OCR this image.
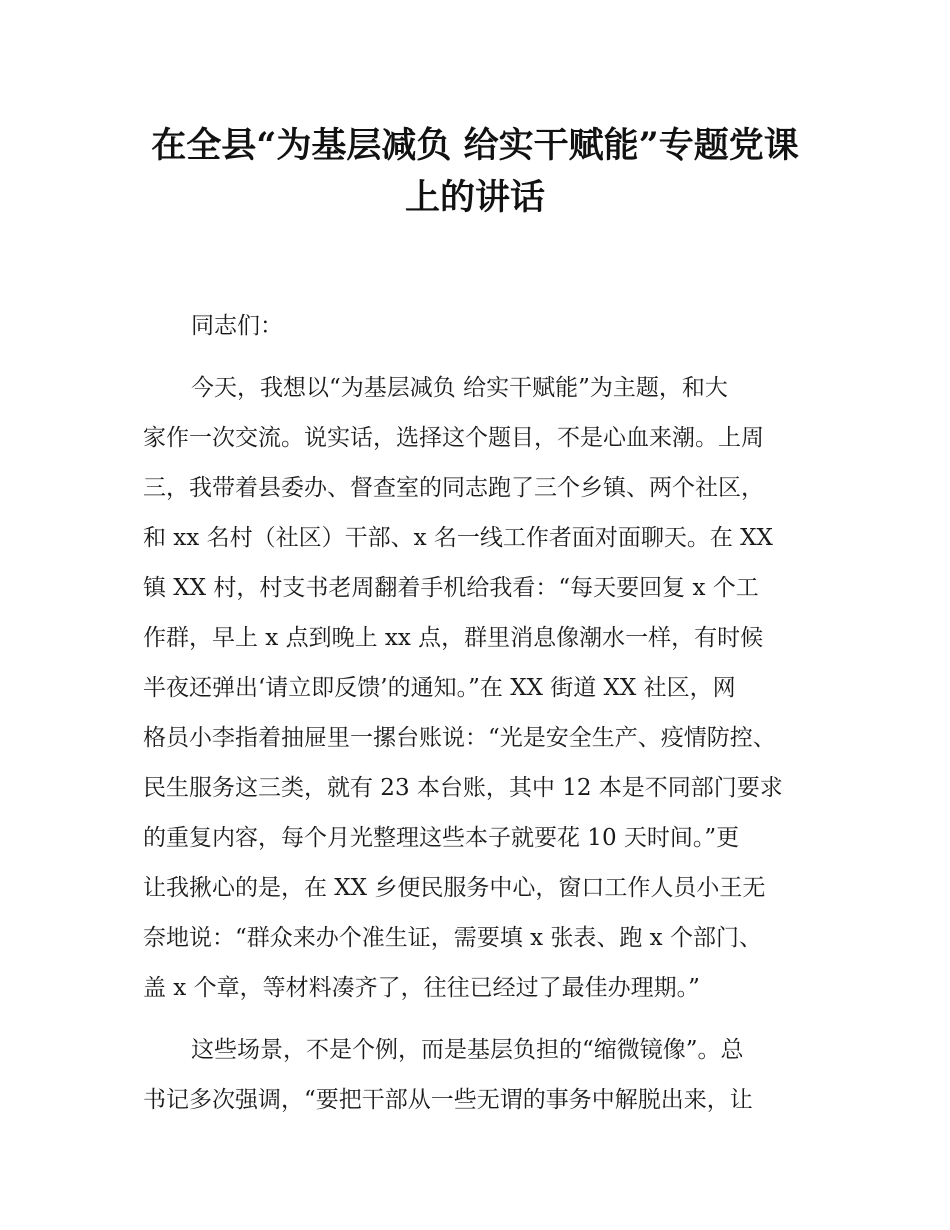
在全县“为基层减负 给实干赋能”专题党课
上的讲话

同志们：

今天，我想以“为基层减负 给实干赋能”为主题，和大

家作一次交流。说实话，选择这个题目，不是心血来潮。上周

三，我带着县委办、督查室的同志跑了三个乡镇、两个社区，

和 xx 名村（社区）干部、x 名一线工作者面对面聊天。在 XX

镇 XX 村，村支书老周翻着手机给我看：“每天要回复 x 个工

作群，早上 x 点到晚上 xx 点，群里消息像潮水一样，有时候

半夜还弹出‘请立即反馈’的通知。”在 XX 街道 XX 社区，网

格员小李指着抽屉里一摞台账说：“光是安全生产、疫情防控、

民生服务这三类，就有 23 本台账，其中 12 本是不同部门要求

的重复内容，每个月光整理这些本子就要花 10 天时间。”更

让我揪心的是，在 XX 乡便民服务中心，窗口工作人员小王无

奈地说：“群众来办个准生证，需要填 x 张表、跑 x 个部门、

盖 x 个章，等材料凑齐了，往往已经过了最佳办理期。”

这些场景，不是个例，而是基层负担的“缩微镜像”。总

书记多次强调，“要把干部从一些无谓的事务中解脱出来，让
